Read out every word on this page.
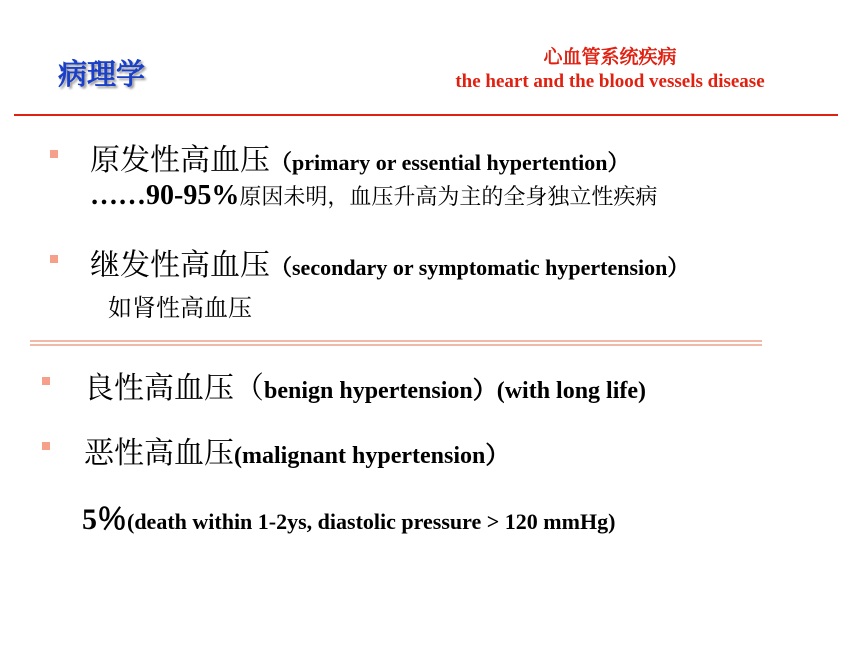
病理学	心血管系统疾病
the heart and the blood vessels disease
原发性高血压（primary or essential hypertention）
……90-95%原因未明，血压升高为主的全身独立性疾病
继发性高血压（secondary or symptomatic hypertension）
如肾性高血压
良性高血压（benign hypertension）(with long life)
恶性高血压(malignant hypertension）
5％(death within 1-2ys, diastolic pressure > 120 mmHg)
